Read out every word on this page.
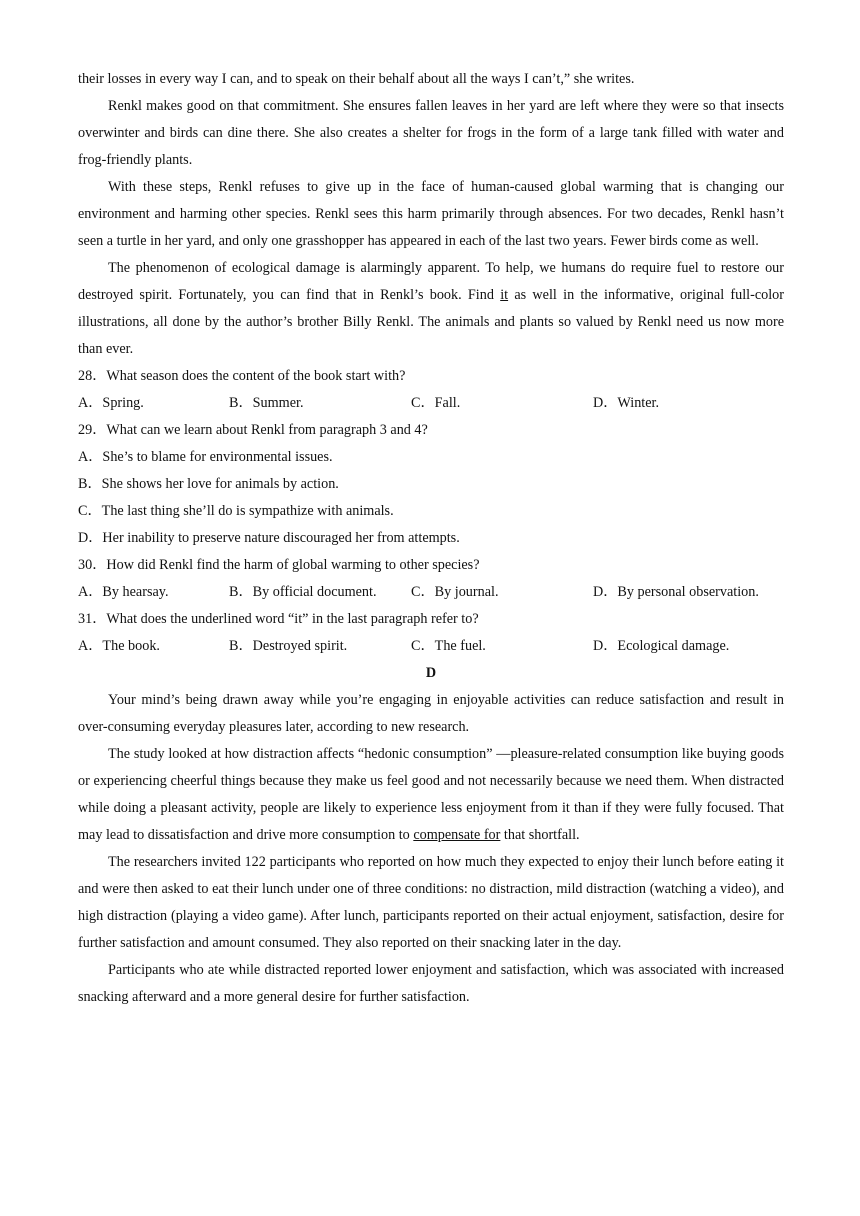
their losses in every way I can, and to speak on their behalf about all the ways I can’t,” she writes.

Renkl makes good on that commitment. She ensures fallen leaves in her yard are left where they were so that insects overwinter and birds can dine there. She also creates a shelter for frogs in the form of a large tank filled with water and frog-friendly plants.

With these steps, Renkl refuses to give up in the face of human-caused global warming that is changing our environment and harming other species. Renkl sees this harm primarily through absences. For two decades, Renkl hasn’t seen a turtle in her yard, and only one grasshopper has appeared in each of the last two years. Fewer birds come as well.

The phenomenon of ecological damage is alarmingly apparent. To help, we humans do require fuel to restore our destroyed spirit. Fortunately, you can find that in Renkl’s book. Find it as well in the informative, original full-color illustrations, all done by the author’s brother Billy Renkl. The animals and plants so valued by Renkl need us now more than ever.

28．What season does the content of the book start with?

A．Spring.	B．Summer.	C．Fall.	D．Winter.

29．What can we learn about Renkl from paragraph 3 and 4?

A．She’s to blame for environmental issues.

B．She shows her love for animals by action.

C．The last thing she’ll do is sympathize with animals.

D．Her inability to preserve nature discouraged her from attempts.

30．How did Renkl find the harm of global warming to other species?

A．By hearsay.	B．By official document.	C．By journal.	D．By personal observation.

31．What does the underlined word “it” in the last paragraph refer to?

A．The book.	B．Destroyed spirit.	C．The fuel.	D．Ecological damage.

D

Your mind’s being drawn away while you’re engaging in enjoyable activities can reduce satisfaction and result in over-consuming everyday pleasures later, according to new research.

The study looked at how distraction affects “hedonic consumption” —pleasure-related consumption like buying goods or experiencing cheerful things because they make us feel good and not necessarily because we need them. When distracted while doing a pleasant activity, people are likely to experience less enjoyment from it than if they were fully focused. That may lead to dissatisfaction and drive more consumption to compensate for that shortfall.

The researchers invited 122 participants who reported on how much they expected to enjoy their lunch before eating it and were then asked to eat their lunch under one of three conditions: no distraction, mild distraction (watching a video), and high distraction (playing a video game). After lunch, participants reported on their actual enjoyment, satisfaction, desire for further satisfaction and amount consumed. They also reported on their snacking later in the day.

Participants who ate while distracted reported lower enjoyment and satisfaction, which was associated with increased snacking afterward and a more general desire for further satisfaction.
